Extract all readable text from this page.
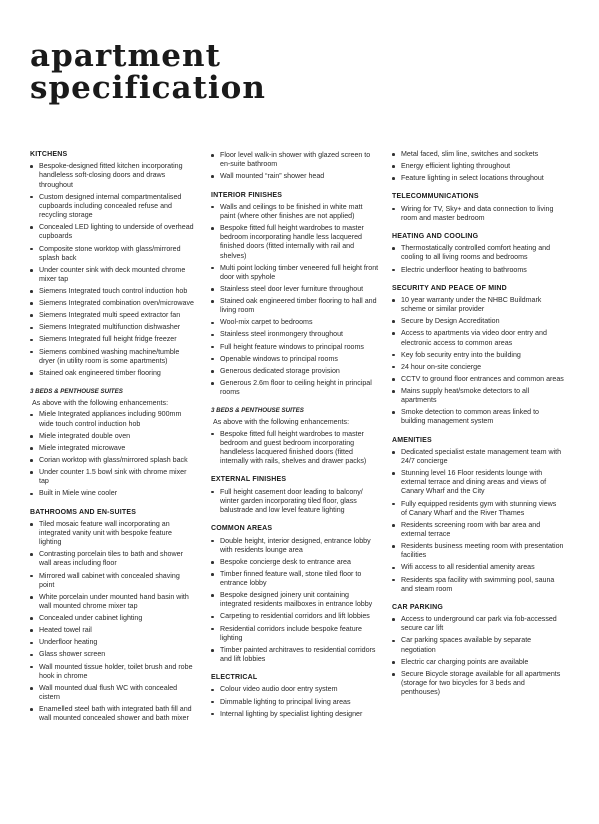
apartment
specification
KITCHENS
Bespoke-designed fitted kitchen incorporating handleless soft-closing doors and draws throughout
Custom designed internal compartmentalised cupboards including concealed refuse and recycling storage
Concealed LED lighting to underside of overhead cupboards
Composite stone worktop with glass/mirrored splash back
Under counter sink with deck mounted chrome mixer tap
Siemens Integrated touch control induction hob
Siemens Integrated combination oven/microwave
Siemens Integrated multi speed extractor fan
Siemens Integrated multifunction dishwasher
Siemens Integrated full height fridge freezer
Siemens combined washing machine/tumble dryer (in utility room is some apartments)
Stained oak engineered timber flooring
3 BEDS & PENTHOUSE SUITES
As above with the following enhancements:
Miele Integrated appliances including 900mm wide touch control induction hob
Miele integrated double oven
Miele integrated microwave
Corian worktop with glass/mirrored splash back
Under counter 1.5 bowl sink with chrome mixer tap
Built in Miele wine cooler
BATHROOMS AND EN-SUITES
Tiled mosaic feature wall incorporating an integrated vanity unit with bespoke feature lighting
Contrasting porcelain tiles to bath and shower wall areas including floor
Mirrored wall cabinet with concealed shaving point
White porcelain under mounted hand basin with wall mounted chrome mixer tap
Concealed under cabinet lighting
Heated towel rail
Underfloor heating
Glass shower screen
Wall mounted tissue holder, toilet brush and robe hook in chrome
Wall mounted dual flush WC with concealed cistern
Enamelled steel bath with integrated bath fill and wall mounted concealed shower and bath mixer
Floor level walk-in shower with glazed screen to en-suite bathroom
Wall mounted “rain” shower head
INTERIOR FINISHES
Walls and ceilings to be finished in white matt paint (where other finishes are not applied)
Bespoke fitted full height wardrobes to master bedroom incorporating handle less lacquered finished doors (fitted internally with rail and shelves)
Multi point locking timber veneered full height front door with spyhole
Stainless steel door lever furniture throughout
Stained oak engineered timber flooring to hall and living room
Wool-mix carpet to bedrooms
Stainless steel ironmongery throughout
Full height feature windows to principal rooms
Openable windows to principal rooms
Generous dedicated storage provision
Generous 2.6m floor to ceiling height in principal rooms
3 BEDS & PENTHOUSE SUITES
As above with the following enhancements:
Bespoke fitted full height wardrobes to master bedroom and guest bedroom incorporating handleless lacquered finished doors (fitted internally with rails, shelves and drawer packs)
EXTERNAL FINISHES
Full height casement door leading to balcony/ winter garden incorporating tiled floor, glass balustrade and low level feature lighting
COMMON AREAS
Double height, interior designed, entrance lobby with residents lounge area
Bespoke concierge desk to entrance area
Timber finned feature wall, stone tiled floor to entrance lobby
Bespoke designed joinery unit containing integrated residents mailboxes in entrance lobby
Carpeting to residential corridors and lift lobbies
Residential corridors include bespoke feature lighting
Timber painted architraves to residential corridors and lift lobbies
ELECTRICAL
Colour video audio door entry system
Dimmable lighting to principal living areas
Internal lighting by specialist lighting designer
Metal faced, slim line, switches and sockets
Energy efficient lighting throughout
Feature lighting in select locations throughout
TELECOMMUNICATIONS
Wiring for TV, Sky+ and data connection to living room and master bedroom
HEATING AND COOLING
Thermostatically controlled comfort heating and cooling to all living rooms and bedrooms
Electric underfloor heating to bathrooms
SECURITY AND PEACE OF MIND
10 year warranty under the NHBC Buildmark scheme or similar provider
Secure by Design Accreditation
Access to apartments via video door entry and electronic access to common areas
Key fob security entry into the building
24 hour on-site concierge
CCTV to ground floor entrances and common areas
Mains supply heat/smoke detectors to all apartments
Smoke detection to common areas linked to building management system
AMENITIES
Dedicated specialist estate management team with 24/7 concierge
Stunning level 16 Floor residents lounge with external terrace and dining areas and views of Canary Wharf and the City
Fully equipped residents gym with stunning views of Canary Wharf and the River Thames
Residents screening room with bar area and external terrace
Residents business meeting room with presentation facilities
Wifi access to all residential amenity areas
Residents spa facility with swimming pool, sauna and steam room
CAR PARKING
Access to underground car park via fob-accessed secure car lift
Car parking spaces available by separate negotiation
Electric car charging points are available
Secure Bicycle storage available for all apartments (storage for two bicycles for 3 beds and penthouses)
